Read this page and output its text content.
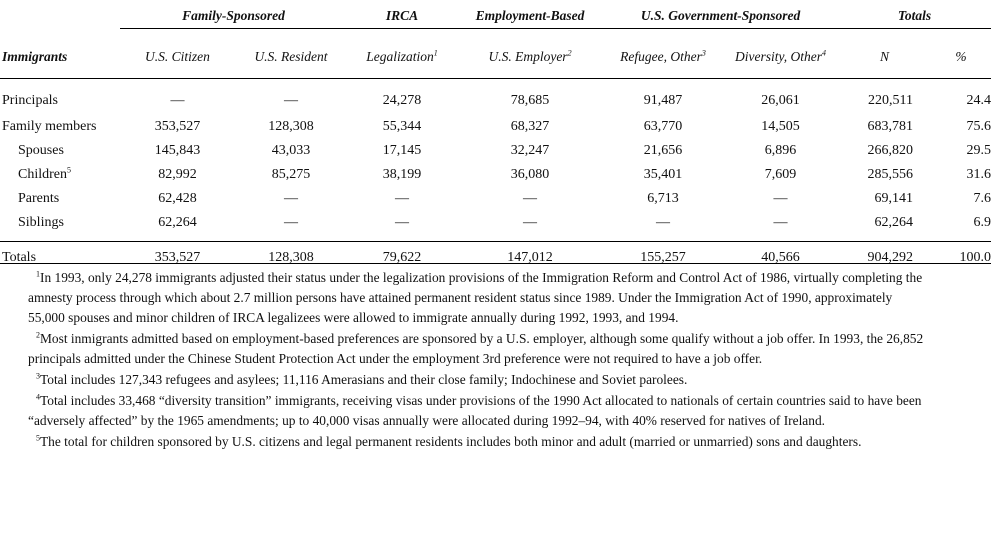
	Family-Sponsored		IRCA	Employment-Based	U.S. Government-Sponsored		Totals	
Immigrants	U.S. Citizen	U.S. Resident	Legalization$^1$	U.S. Employer$^2$	Refugee, Other$^3$	Diversity, Other$^4$	N	%
Principals	—	—	24,278	78,685	91,487	26,061	220,511	24.4
Family members	353,527	128,308	55,344	68,327	63,770	14,505	683,781	75.6
Spouses	145,843	43,033	17,145	32,247	21,656	6,896	266,820	29.5
Children$^5$	82,992	85,275	38,199	36,080	35,401	7,609	285,556	31.6
Parents	62,428	—	—	—	6,713	—	69,141	7.6
Siblings	62,264	—	—	—	—	—	62,264	6.9
Totals	353,527	128,308	79,622	147,012	155,257	40,566	904,292	100.0

$^1$In 1993, only 24,278 immigrants adjusted their status under the legalization provisions of the Immigration Reform and Control Act of 1986, virtually completing the amnesty process through which about 2.7 million persons have attained permanent resident status since 1989. Under the Immigration Act of 1990, approximately 55,000 spouses and minor children of IRCA legalizees were allowed to immigrate annually during 1992, 1993, and 1994.

$^2$Most inmigrants admitted based on employment-based preferences are sponsored by a U.S. employer, although some qualify without a job offer. In 1993, the 26,852 principals admitted under the Chinese Student Protection Act under the employment 3rd preference were not required to have a job offer.

$^3$Total includes 127,343 refugees and asylees; 11,116 Amerasians and their close family; Indochinese and Soviet parolees.

$^4$Total includes 33,468 “diversity transition” immigrants, receiving visas under provisions of the 1990 Act allocated to nationals of certain countries said to have been “adversely affected” by the 1965 amendments; up to 40,000 visas annually were allocated during 1992–94, with 40% reserved for natives of Ireland.

$^5$The total for children sponsored by U.S. citizens and legal permanent residents includes both minor and adult (married or unmarried) sons and daughters.
